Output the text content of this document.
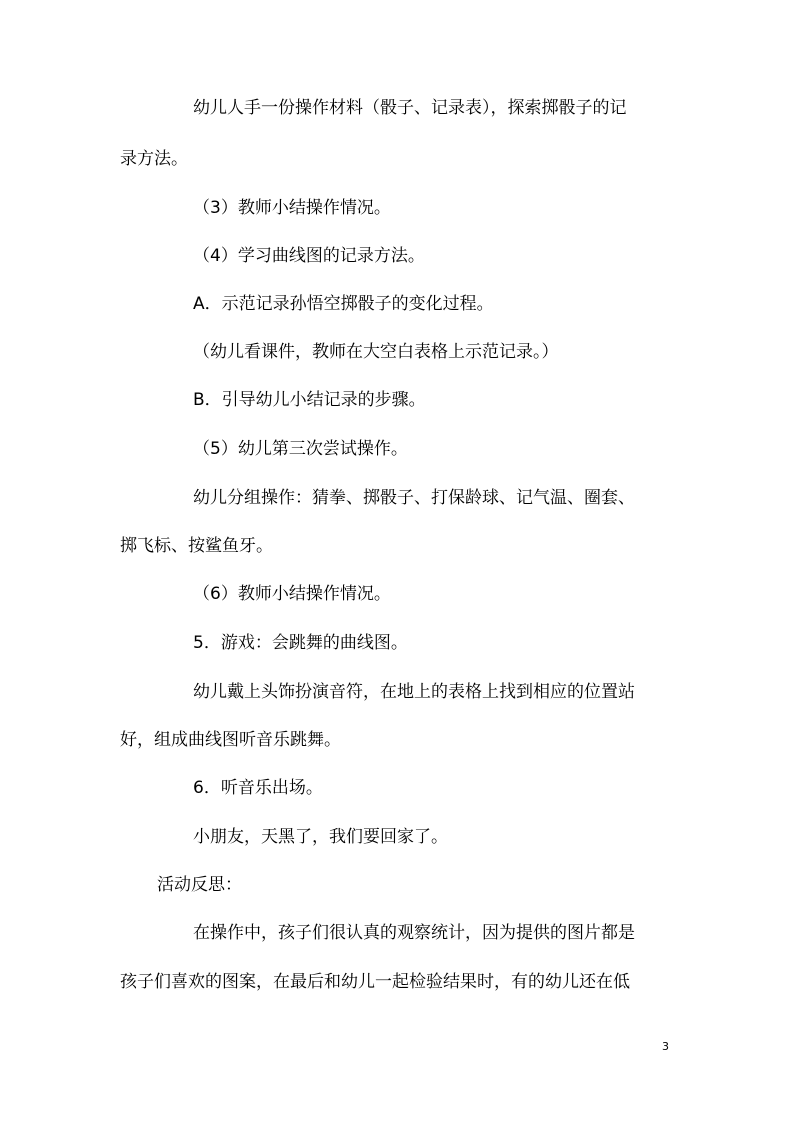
幼儿人手一份操作材料（骰子、记录表），探索掷骰子的记
录方法。
（3）教师小结操作情况。
（4）学习曲线图的记录方法。
A．示范记录孙悟空掷骰子的变化过程。
（幼儿看课件，教师在大空白表格上示范记录。）
B．引导幼儿小结记录的步骤。
（5）幼儿第三次尝试操作。
幼儿分组操作：猜拳、掷骰子、打保龄球、记气温、圈套、
掷飞标、按鲨鱼牙。
（6）教师小结操作情况。
5．游戏：会跳舞的曲线图。
幼儿戴上头饰扮演音符，在地上的表格上找到相应的位置站
好，组成曲线图听音乐跳舞。
6．听音乐出场。
小朋友，天黑了，我们要回家了。
活动反思：
在操作中，孩子们很认真的观察统计，因为提供的图片都是
孩子们喜欢的图案，在最后和幼儿一起检验结果时，有的幼儿还在低
3
